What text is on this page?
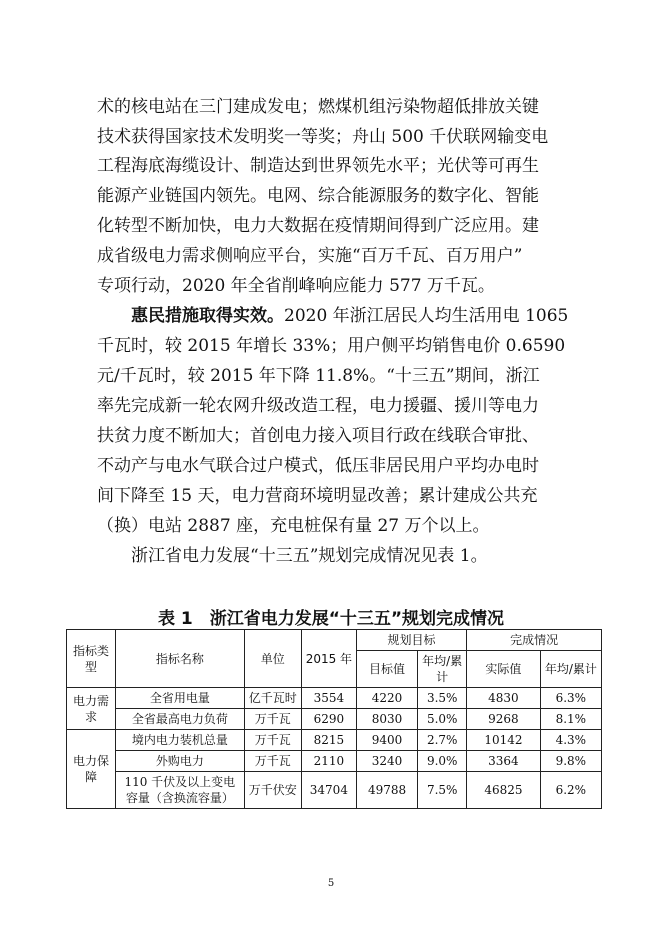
术的核电站在三门建成发电；燃煤机组污染物超低排放关键
技术获得国家技术发明奖一等奖；舟山 500 千伏联网输变电
工程海底海缆设计、制造达到世界领先水平；光伏等可再生
能源产业链国内领先。电网、综合能源服务的数字化、智能
化转型不断加快，电力大数据在疫情期间得到广泛应用。建
成省级电力需求侧响应平台，实施“百万千瓦、百万用户”
专项行动，2020 年全省削峰响应能力 577 万千瓦。
惠民措施取得实效。2020 年浙江居民人均生活用电 1065
千瓦时，较 2015 年增长 33%；用户侧平均销售电价 0.6590
元/千瓦时，较 2015 年下降 11.8%。“十三五”期间，浙江
率先完成新一轮农网升级改造工程，电力援疆、援川等电力
扶贫力度不断加大；首创电力接入项目行政在线联合审批、
不动产与电水气联合过户模式，低压非居民用户平均办电时
间下降至 15 天，电力营商环境明显改善；累计建成公共充
（换）电站 2887 座，充电桩保有量 27 万个以上。
浙江省电力发展“十三五”规划完成情况见表 1。
表 1　浙江省电力发展“十三五”规划完成情况
指标类型	指标名称	单位	2015 年	规划目标		完成情况	
				目标值	年均/累计	实际值	年均/累计
电力需求	全省用电量	亿千瓦时	3554	4220	3.5%	4830	6.3%
	全省最高电力负荷	万千瓦	6290	8030	5.0%	9268	8.1%
电力保障	境内电力装机总量	万千瓦	8215	9400	2.7%	10142	4.3%
	外购电力	万千瓦	2110	3240	9.0%	3364	9.8%
	110 千伏及以上变电容量（含换流容量）	万千伏安	34704	49788	7.5%	46825	6.2%
5
